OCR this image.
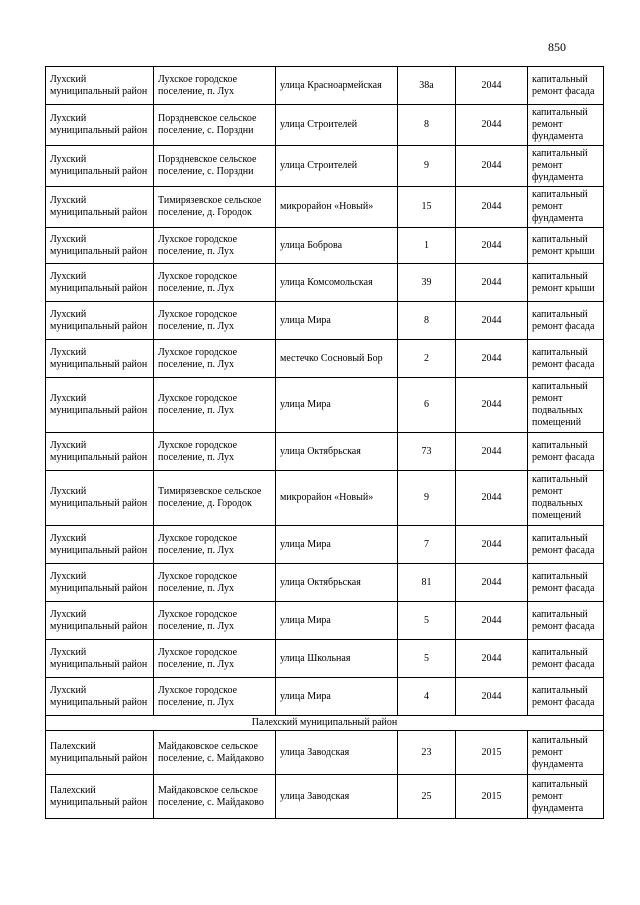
850
Лухский муниципальный район	Лухское городское поселение, п. Лух	улица Красноармейская	38а	2044	капитальный ремонт фасада
Лухский муниципальный район	Порздневское сельское поселение, с. Порздни	улица Строителей	8	2044	капитальный ремонт фундамента
Лухский муниципальный район	Порздневское сельское поселение, с. Порздни	улица Строителей	9	2044	капитальный ремонт фундамента
Лухский муниципальный район	Тимирязевское сельское поселение, д. Городок	микрорайон «Новый»	15	2044	капитальный ремонт фундамента
Лухский муниципальный район	Лухское городское поселение, п. Лух	улица Боброва	1	2044	капитальный ремонт крыши
Лухский муниципальный район	Лухское городское поселение, п. Лух	улица Комсомольская	39	2044	капитальный ремонт крыши
Лухский муниципальный район	Лухское городское поселение, п. Лух	улица Мира	8	2044	капитальный ремонт фасада
Лухский муниципальный район	Лухское городское поселение, п. Лух	местечко Сосновый Бор	2	2044	капитальный ремонт фасада
Лухский муниципальный район	Лухское городское поселение, п. Лух	улица Мира	6	2044	капитальный ремонт подвальных помещений
Лухский муниципальный район	Лухское городское поселение, п. Лух	улица Октябрьская	73	2044	капитальный ремонт фасада
Лухский муниципальный район	Тимирязевское сельское поселение, д. Городок	микрорайон «Новый»	9	2044	капитальный ремонт подвальных помещений
Лухский муниципальный район	Лухское городское поселение, п. Лух	улица Мира	7	2044	капитальный ремонт фасада
Лухский муниципальный район	Лухское городское поселение, п. Лух	улица Октябрьская	81	2044	капитальный ремонт фасада
Лухский муниципальный район	Лухское городское поселение, п. Лух	улица Мира	5	2044	капитальный ремонт фасада
Лухский муниципальный район	Лухское городское поселение, п. Лух	улица Школьная	5	2044	капитальный ремонт фасада
Лухский муниципальный район	Лухское городское поселение, п. Лух	улица Мира	4	2044	капитальный ремонт фасада
Палехский муниципальный район					
Палехский муниципальный район	Майдаковское сельское поселение, с. Майдаково	улица Заводская	23	2015	капитальный ремонт фундамента
Палехский муниципальный район	Майдаковское сельское поселение, с. Майдаково	улица Заводская	25	2015	капитальный ремонт фундамента
